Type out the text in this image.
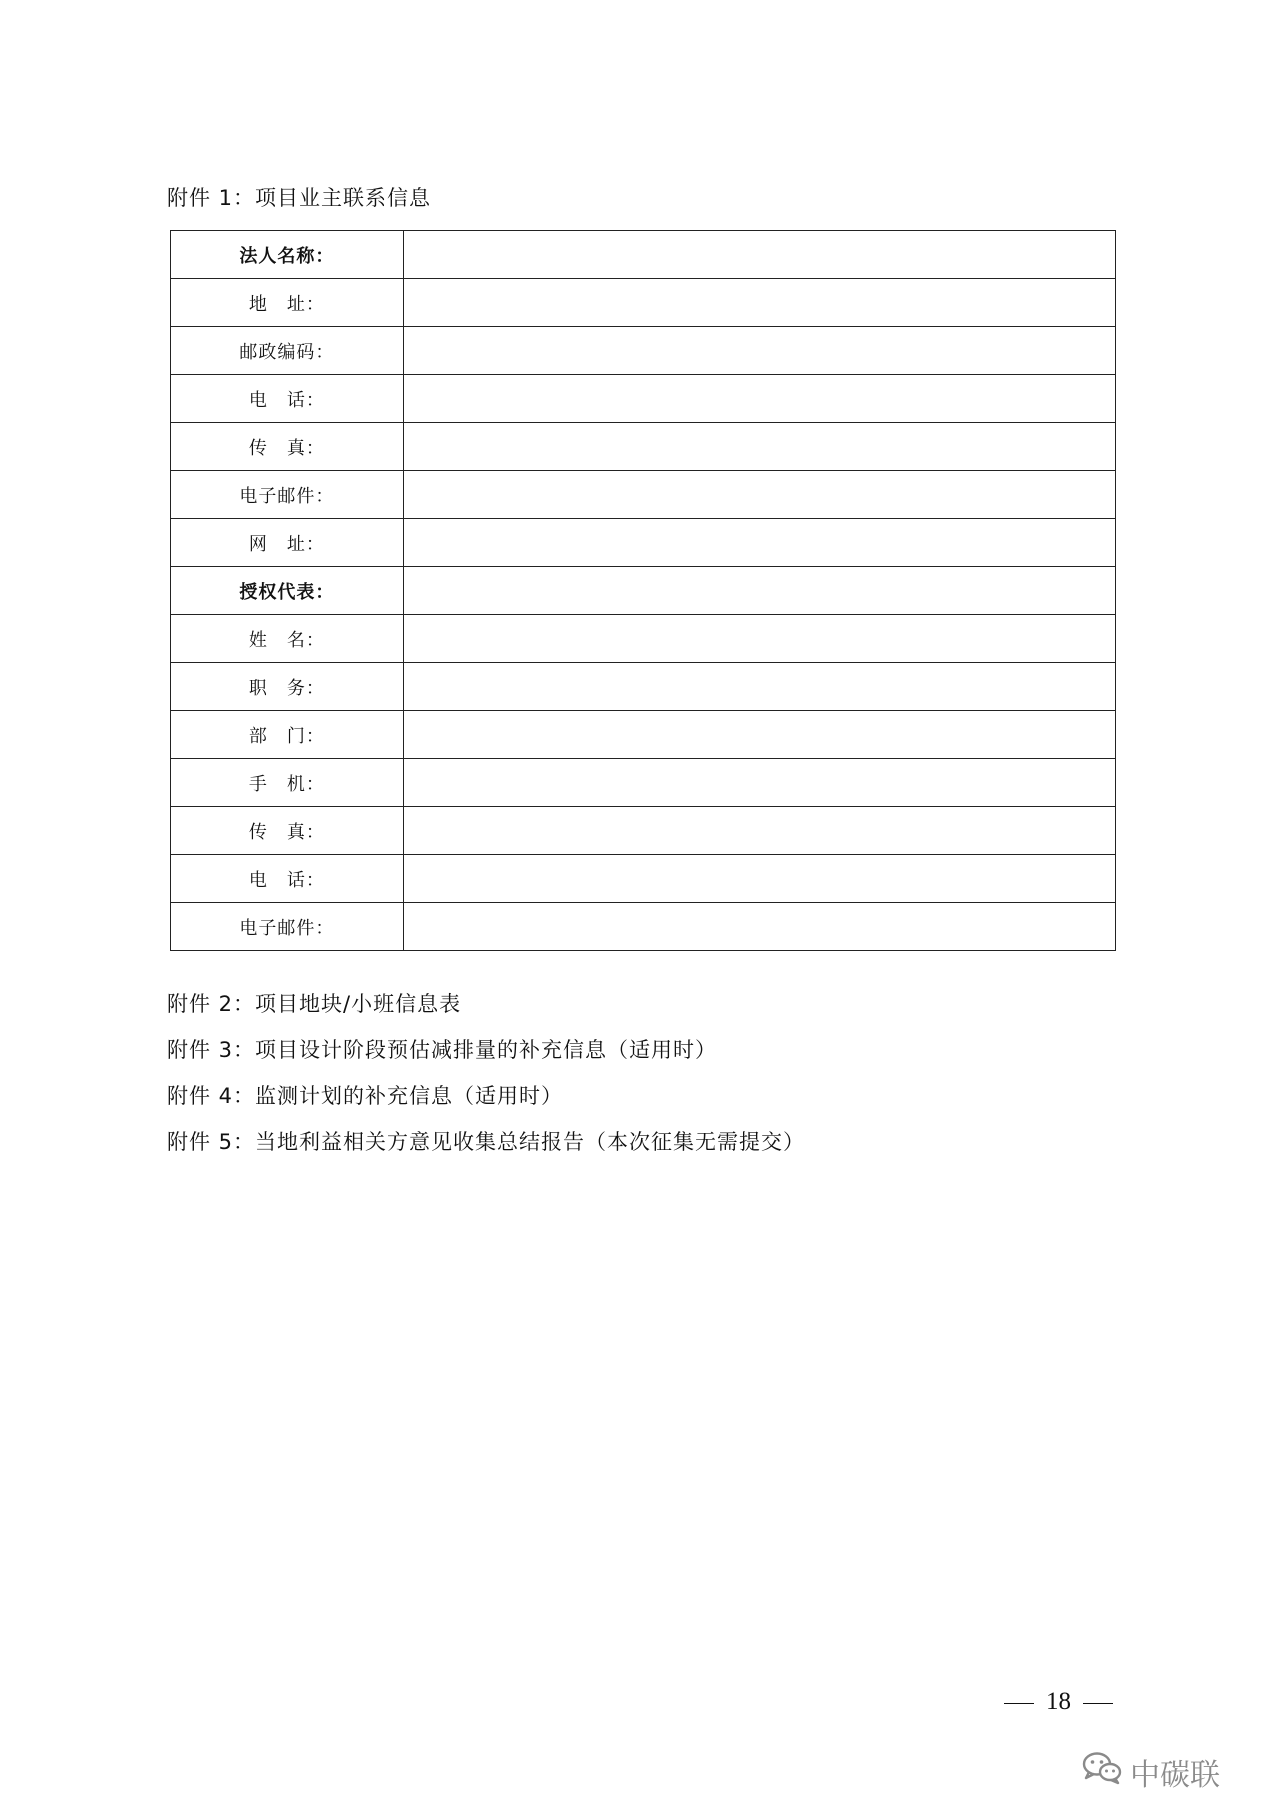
附件 1：项目业主联系信息
法人名称：	
地　址：	
邮政编码：	
电　话：	
传　真：	
电子邮件：	
网　址：	
授权代表：	
姓　名：	
职　务：	
部　门：	
手　机：	
传　真：	
电　话：	
电子邮件：	
附件 2：项目地块/小班信息表
附件 3：项目设计阶段预估减排量的补充信息（适用时）
附件 4：监测计划的补充信息（适用时）
附件 5：当地利益相关方意见收集总结报告（本次征集无需提交）
18
中碳联
